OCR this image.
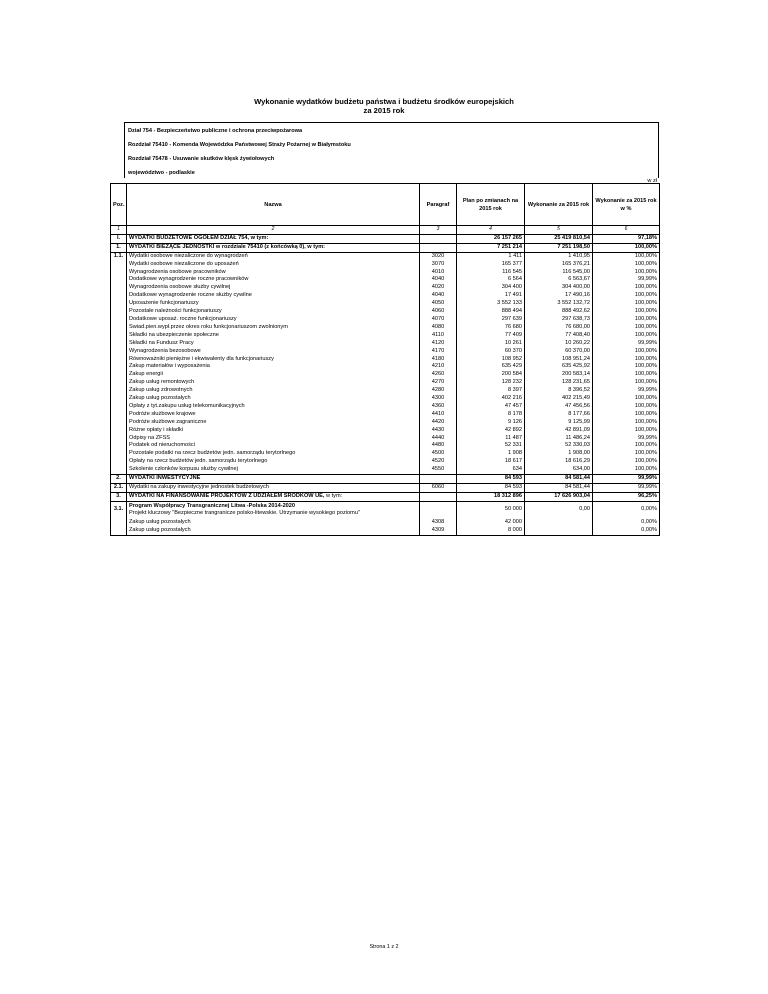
Wykonanie wydatków budżetu państwa i budżetu środków europejskich
za 2015 rok
Dział 754 - Bezpieczeństwo publiczne i ochrona przeciwpożarowa
Rozdział 75410 - Komenda Wojewódzka Państwowej Straży Pożarnej w Białymstoku
Rozdział 75478 - Usuwanie skutków klęsk żywiołowych
województwo - podlaskie
w zł
Poz.	Nazwa	Paragraf	Plan po zmianach na 2015 rok	Wykonanie za 2015 rok	Wykonanie za 2015 rok w %
1	2	3	4	5	6
I.	WYDATKI BUDŻETOWE OGÓŁEM DZIAŁ 754, w tym:		26 157 265	25 419 810,54	97,18%
1.	WYDATKI BIEŻĄCE JEDNOSTKI w rozdziale 75410 (z końcówką 0), w tym:		7 251 214	7 251 198,50	100,00%
1.1.	Wydatki osobowe niezaliczone do wynagrodzeń	3020	1 411	1 410,95	100,00%
	Wydatki osobowe niezaliczone do uposażeń	3070	165 377	165 376,21	100,00%
	Wynagrodzenia osobowe pracowników	4010	116 545	116 545,00	100,00%
	Dodatkowe wynagrodzenie roczne pracowników	4040	6 564	6 563,67	99,99%
	Wynagrodzenia osobowe służby cywilnej	4020	304 400	304 400,00	100,00%
	Dodatkowe wynagrodzenie roczne służby cywilne	4040	17 491	17 490,16	100,00%
	Uposażenie funkcjonariuszy	4050	3 552 133	3 552 132,72	100,00%
	Pozostałe należności funkcjonariuszy	4060	888 494	888 492,62	100,00%
	Dodatkowe uposaż. roczne funkcjonariuszy	4070	297 639	297 638,73	100,00%
	Świad.pien.wypł.przez okres roku funkcjonariuszom zwolnionym	4080	76 680	76 680,00	100,00%
	Składki na ubezpieczenie społeczne	4110	77 409	77 408,40	100,00%
	Składki na Fundusz Pracy	4120	10 261	10 260,22	99,99%
	Wynagrodzenia bezosobowe	4170	60 370	60 370,00	100,00%
	Równoważniki pieniężne i ekwiwalenty dla funkcjonariuszy	4180	108 952	108 951,24	100,00%
	Zakup materiałów i wyposażenia	4210	635 429	635 425,92	100,00%
	Zakup energii	4260	200 584	200 583,14	100,00%
	Zakup usług remontowych	4270	128 232	128 231,65	100,00%
	Zakup usług zdrowotnych	4280	8 397	8 396,52	99,99%
	Zakup usług pozostałych	4300	402 216	402 215,49	100,00%
	Opłaty z tyt.zakupu usług telekomunikacyjnych	4360	47 457	47 456,56	100,00%
	Podróże służbowe krajowe	4410	8 178	8 177,66	100,00%
	Podróże służbowe zagraniczne	4420	9 126	9 125,99	100,00%
	Różne opłaty i składki	4430	42 892	42 891,09	100,00%
	Odpisy na ZFŚS	4440	11 487	11 486,24	99,99%
	Podatek od nieruchomości	4480	52 331	52 330,03	100,00%
	Pozostałe podatki na rzecz budżetów jedn. samorządu terytorlnego	4500	1 908	1 908,00	100,00%
	Opłaty na rzecz budżetów jedn. samorządu terytorlnego	4520	18 617	18 616,29	100,00%
	Szkolenie członków korpusu służby cywilnej	4550	634	634,00	100,00%
2.	WYDATKI INWESTYCYJNE		84 593	84 581,44	99,99%
2.1.	Wydatki na zakupy inwestycyjne jednostek budżetowych	6060	84 593	84 581,44	99,99%
3.	WYDATKI NA FINANSOWANIE PROJEKTÓW Z UDZIAŁEM ŚRODKÓW UE, w tym:		18 312 896	17 626 903,04	96,25%
3.1.	Program Współpracy Transgranicznej Litwa -Polska 2014-2020
Projekt kluczowy "Bezpieczne trangranicze polsko-litewskie. Utrzymanie wysokiego poziomu"		50 000	0,00	0,00%
	Zakup usług pozostałych	4308	42 000		0,00%
	Zakup usług pozostałych	4309	8 000		0,00%
Strona 1 z 2
